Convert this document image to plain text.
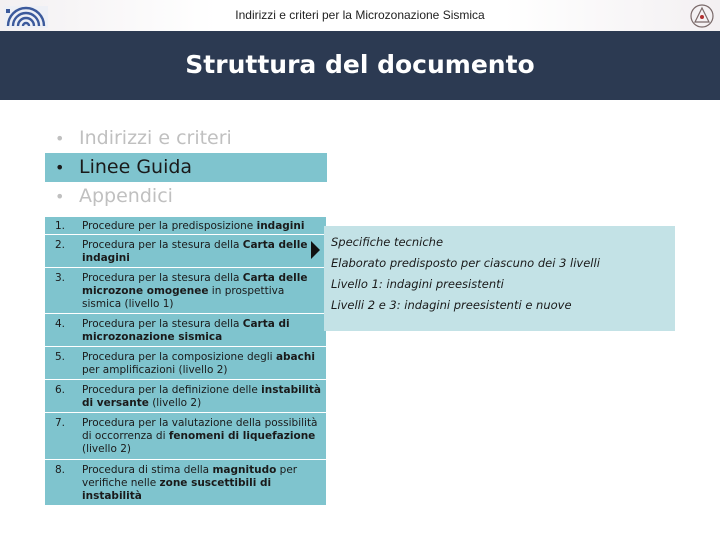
Indirizzi e criteri per la Microzonazione Sismica
Struttura del documento
• Indirizzi e criteri
• Linee Guida
• Appendici
1. Procedure per la predisposizione indagini
2. Procedura per la stesura della Carta delle indagini
3. Procedura per la stesura della Carta delle microzone omogenee in prospettiva sismica (livello 1)
4. Procedura per la stesura della Carta di microzonazione sismica
5. Procedura per la composizione degli abachi per amplificazioni (livello 2)
6. Procedura per la definizione delle instabilità di versante (livello 2)
7. Procedura per la valutazione della possibilità di occorrenza di fenomeni di liquefazione (livello 2)
8. Procedura di stima della magnitudo per verifiche nelle zone suscettibili di instabilità
Specifiche tecniche
Elaborato predisposto per ciascuno dei 3 livelli
Livello 1: indagini preesistenti
Livelli 2 e 3: indagini preesistenti e nuove
